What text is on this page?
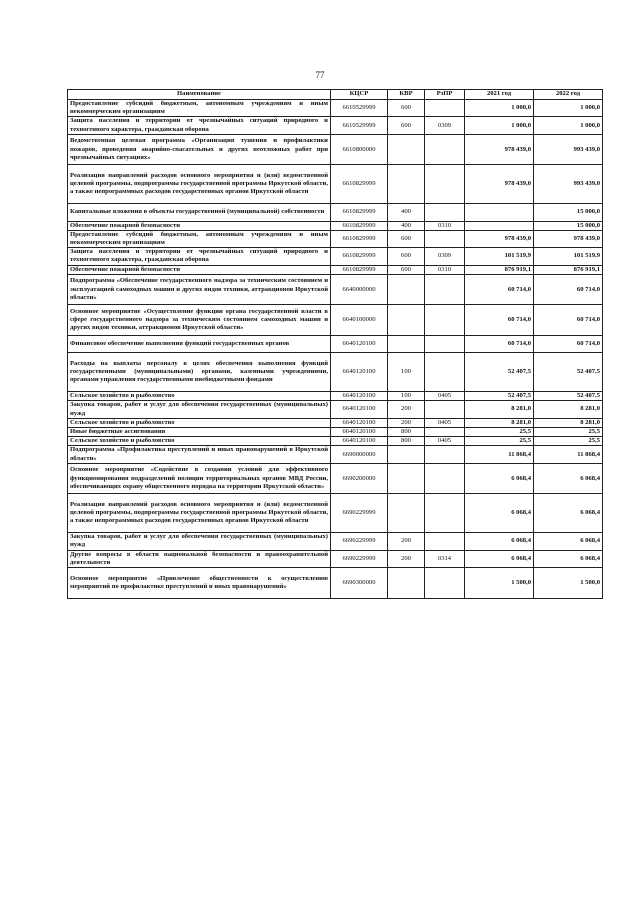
77
Наименование	КЦСР	КВР	РзПР	2021 год	2022 год
Предоставление субсидий бюджетным, автономным учреждениям и иным некоммерческим организациям	6610529999	600		1 000,0	1 000,0
Защита населения и территории от чрезвычайных ситуаций природного и техногенного характера, гражданская оборона	6610529999	600	0309	1 000,0	1 000,0
Ведомственная целевая программа «Организация тушения и профилактики пожаров, проведения аварийно-спасательных и других неотложных работ при чрезвычайных ситуациях»	6610800000			978 439,0	993 439,0
Реализация направлений расходов основного мероприятия и (или) ведомственной целевой программы, подпрограммы государственной программы Иркутской области, а также непрограммных расходов государственных органов Иркутской области	6610829999			978 439,0	993 439,0
Капитальные вложения в объекты государственной (муниципальной) собственности	6610829999	400			15 000,0
Обеспечение пожарной безопасности	6610829999	400	0310		15 000,0
Предоставление субсидий бюджетным, автономным учреждениям и иным некоммерческим организациям	6610829999	600		978 439,0	978 439,0
Защита населения и территории от чрезвычайных ситуаций природного и техногенного характера, гражданская оборона	6610829999	600	0309	101 519,9	101 519,9
Обеспечение пожарной безопасности	6610829999	600	0310	876 919,1	876 919,1
Подпрограмма «Обеспечение государственного надзора за техническим состоянием и эксплуатацией самоходных машин и других видов техники, аттракционов Иркутской области»	6640000000			60 714,0	60 714,0
Основное мероприятие «Осуществление функции органа государственной власти в сфере государственного надзора за техническим состоянием самоходных машин и других видов техники, аттракционов Иркутской области»	6640100000			60 714,0	60 714,0
Финансовое обеспечение выполнения функций государственных органов	6640120100			60 714,0	60 714,0
Расходы на выплаты персоналу в целях обеспечения выполнения функций государственными (муниципальными) органами, казенными учреждениями, органами управления государственными внебюджетными фондами	6640120100	100		52 407,5	52 407,5
Сельское хозяйство и рыболовство	6640120100	100	0405	52 407,5	52 407,5
Закупка товаров, работ и услуг для обеспечения государственных (муниципальных) нужд	6640120100	200		8 281,0	8 281,0
Сельское хозяйство и рыболовство	6640120100	200	0405	8 281,0	8 281,0
Иные бюджетные ассигнования	6640120100	800		25,5	25,5
Сельское хозяйство и рыболовство	6640120100	800	0405	25,5	25,5
Подпрограмма «Профилактика преступлений и иных правонарушений в Иркутской области»	6690000000			11 868,4	11 868,4
Основное мероприятие «Содействие в создании условий для эффективного функционирования подразделений полиции территориальных органов МВД России, обеспечивающих охрану общественного порядка на территории Иркутской области»	6690200000			6 068,4	6 068,4
Реализация направлений расходов основного мероприятия и (или) ведомственной целевой программы, подпрограммы государственной программы Иркутской области, а также непрограммных расходов государственных органов Иркутской области	6690229999			6 068,4	6 068,4
Закупка товаров, работ и услуг для обеспечения государственных (муниципальных) нужд	6690229999	200		6 068,4	6 068,4
Другие вопросы в области национальной безопасности и правоохранительной деятельности	6690229999	200	0314	6 068,4	6 068,4
Основное мероприятие «Привлечение общественности к осуществлению мероприятий по профилактике преступлений и иных правонарушений»	6690300000			1 500,0	1 500,0
